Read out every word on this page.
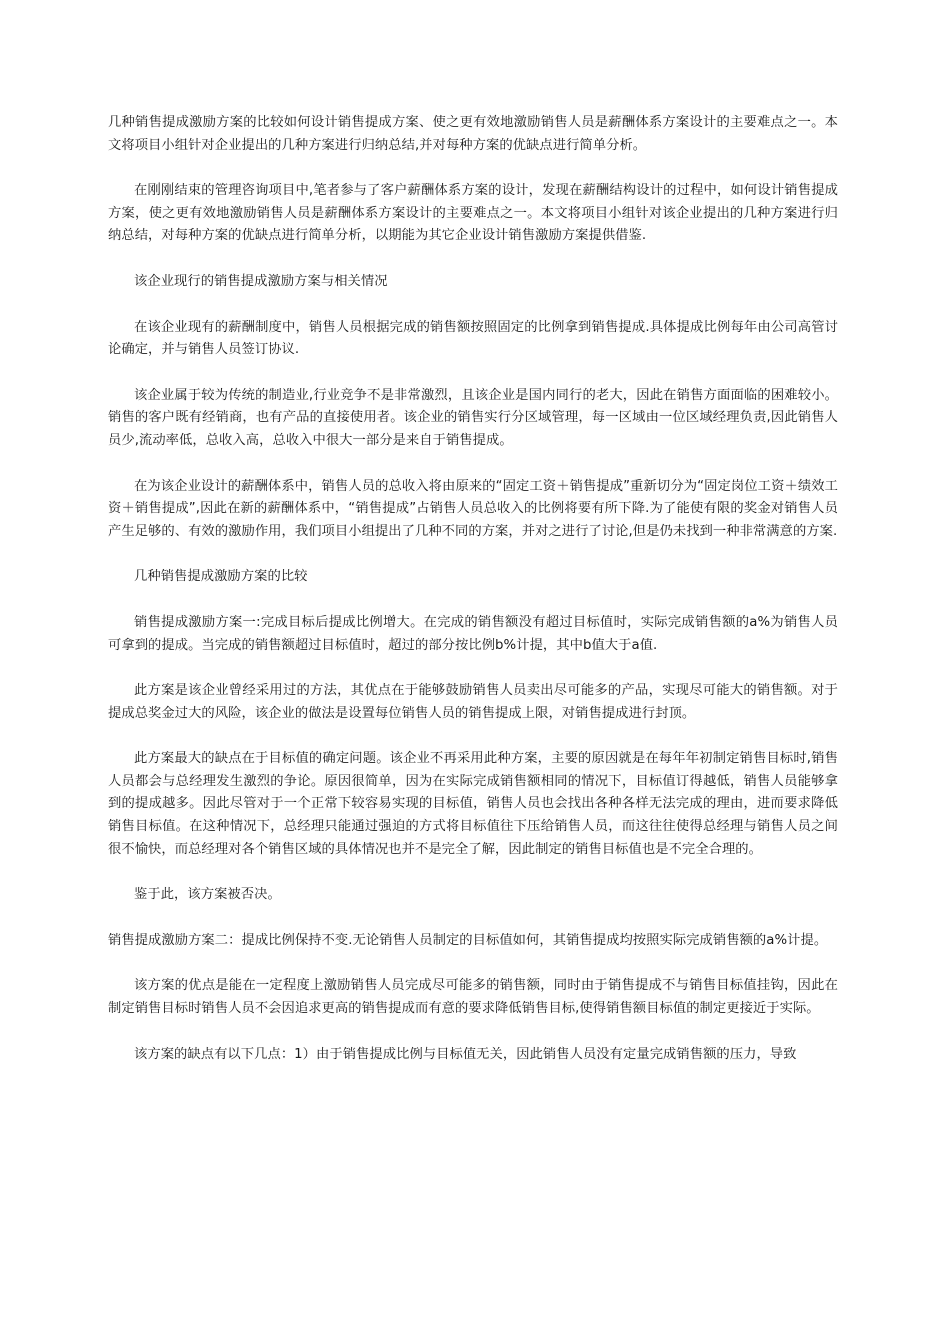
几种销售提成激励方案的比较如何设计销售提成方案、使之更有效地激励销售人员是薪酬体系方案设计的主要难点之一。本文将项目小组针对企业提出的几种方案进行归纳总结,并对每种方案的优缺点进行简单分析。

在刚刚结束的管理咨询项目中,笔者参与了客户薪酬体系方案的设计，发现在薪酬结构设计的过程中，如何设计销售提成方案，使之更有效地激励销售人员是薪酬体系方案设计的主要难点之一。本文将项目小组针对该企业提出的几种方案进行归纳总结，对每种方案的优缺点进行简单分析，以期能为其它企业设计销售激励方案提供借鉴.

该企业现行的销售提成激励方案与相关情况

在该企业现有的薪酬制度中，销售人员根据完成的销售额按照固定的比例拿到销售提成.具体提成比例每年由公司高管讨论确定，并与销售人员签订协议.

该企业属于较为传统的制造业,行业竞争不是非常激烈，且该企业是国内同行的老大，因此在销售方面面临的困难较小。销售的客户既有经销商，也有产品的直接使用者。该企业的销售实行分区域管理，每一区域由一位区域经理负责,因此销售人员少,流动率低，总收入高，总收入中很大一部分是来自于销售提成。

在为该企业设计的薪酬体系中，销售人员的总收入将由原来的“固定工资＋销售提成”重新切分为“固定岗位工资＋绩效工资＋销售提成”,因此在新的薪酬体系中，“销售提成”占销售人员总收入的比例将要有所下降.为了能使有限的奖金对销售人员产生足够的、有效的激励作用，我们项目小组提出了几种不同的方案，并对之进行了讨论,但是仍未找到一种非常满意的方案.

几种销售提成激励方案的比较

销售提成激励方案一:完成目标后提成比例增大。在完成的销售额没有超过目标值时，实际完成销售额的a%为销售人员可拿到的提成。当完成的销售额超过目标值时，超过的部分按比例b%计提，其中b值大于a值.

此方案是该企业曾经采用过的方法，其优点在于能够鼓励销售人员卖出尽可能多的产品，实现尽可能大的销售额。对于提成总奖金过大的风险，该企业的做法是设置每位销售人员的销售提成上限，对销售提成进行封顶。

此方案最大的缺点在于目标值的确定问题。该企业不再采用此种方案，主要的原因就是在每年年初制定销售目标时,销售人员都会与总经理发生激烈的争论。原因很简单，因为在实际完成销售额相同的情况下，目标值订得越低，销售人员能够拿到的提成越多。因此尽管对于一个正常下较容易实现的目标值，销售人员也会找出各种各样无法完成的理由，进而要求降低销售目标值。在这种情况下，总经理只能通过强迫的方式将目标值往下压给销售人员，而这往往使得总经理与销售人员之间很不愉快，而总经理对各个销售区域的具体情况也并不是完全了解，因此制定的销售目标值也是不完全合理的。

鉴于此，该方案被否决。

销售提成激励方案二：提成比例保持不变.无论销售人员制定的目标值如何，其销售提成均按照实际完成销售额的a%计提。

该方案的优点是能在一定程度上激励销售人员完成尽可能多的销售额，同时由于销售提成不与销售目标值挂钩，因此在制定销售目标时销售人员不会因追求更高的销售提成而有意的要求降低销售目标,使得销售额目标值的制定更接近于实际。

该方案的缺点有以下几点：1）由于销售提成比例与目标值无关，因此销售人员没有定量完成销售额的压力，导致
